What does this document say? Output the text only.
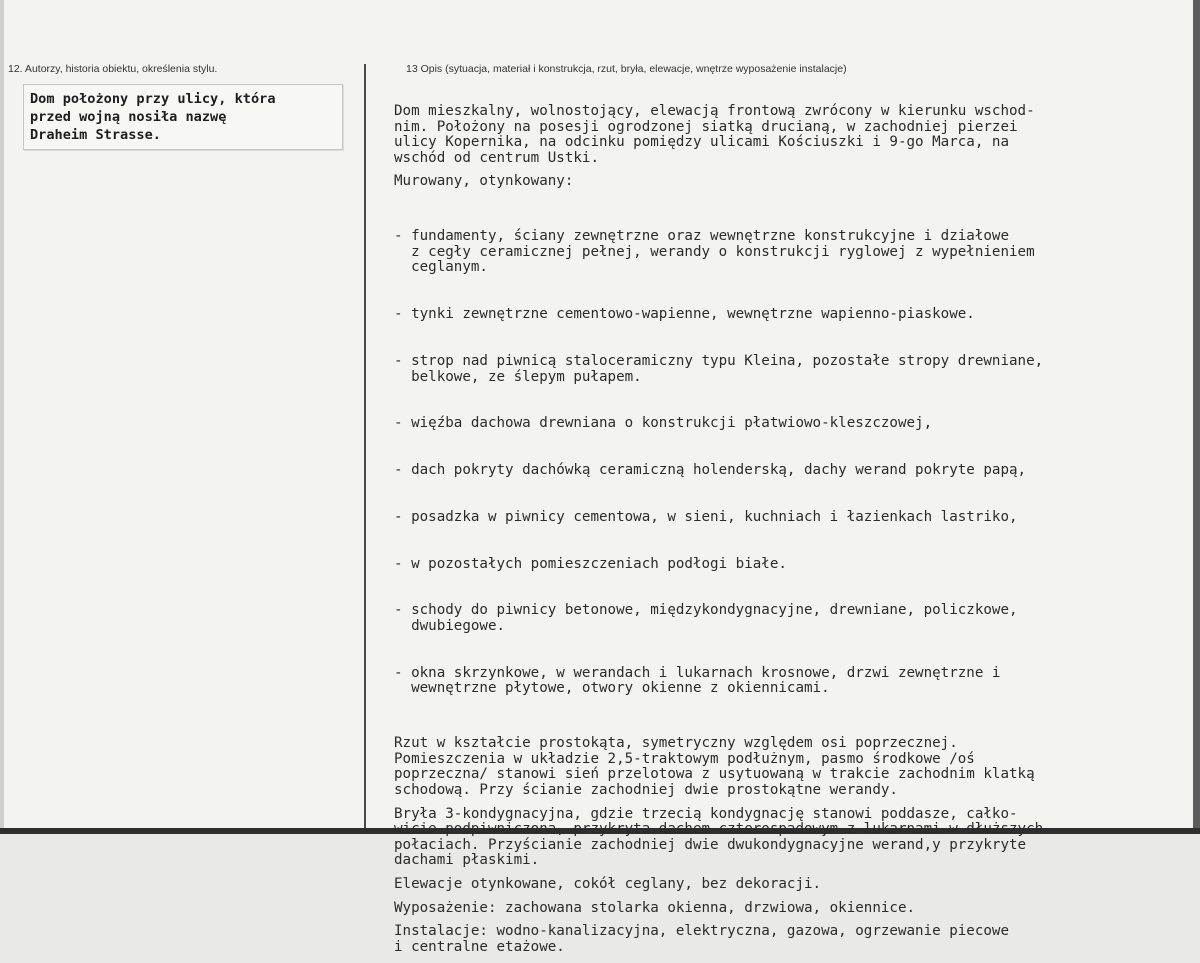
12. Autorzy, historia obiektu, określenia stylu.	13 Opis (sytuacja, materiał i konstrukcja, rzut, bryła, elewacje, wnętrze wyposażenie instalacje)

Dom położony przy ulicy, która
przed wojną nosiła nazwę
Draheim Strasse.

Dom mieszkalny, wolnostojący, elewacją frontową zwrócony w kierunku wschod-
nim. Położony na posesji ogrodzonej siatką drucianą, w zachodniej pierzei
ulicy Kopernika, na odcinku pomiędzy ulicami Kościuszki i 9-go Marca, na
wschód od centrum Ustki.

Murowany, otynkowany:

- fundamenty, ściany zewnętrzne oraz wewnętrzne konstrukcyjne i działowe
z cegły ceramicznej pełnej, werandy o konstrukcji ryglowej z wypełnieniem
ceglanym.

- tynki zewnętrzne cementowo-wapienne, wewnętrzne wapienno-piaskowe.

- strop nad piwnicą staloceramiczny typu Kleina, pozostałe stropy drewniane,
belkowe, ze ślepym pułapem.

- więźba dachowa drewniana o konstrukcji płatwiowo-kleszczowej,

- dach pokryty dachówką ceramiczną holenderską, dachy werand pokryte papą,

- posadzka w piwnicy cementowa, w sieni, kuchniach i łazienkach lastriko,

- w pozostałych pomieszczeniach podłogi białe.

- schody do piwnicy betonowe, międzykondygnacyjne, drewniane, policzkowe,
dwubiegowe.

- okna skrzynkowe, w werandach i lukarnach krosnowe, drzwi zewnętrzne i
wewnętrzne płytowe, otwory okienne z okiennicami.

Rzut w kształcie prostokąta, symetryczny względem osi poprzecznej.
Pomieszczenia w układzie 2,5-traktowym podłużnym, pasmo środkowe /oś
poprzeczna/ stanowi sień przelotowa z usytuowaną w trakcie zachodnim klatką
schodową. Przy ścianie zachodniej dwie prostokątne werandy.

Bryła 3-kondygnacyjna, gdzie trzecią kondygnację stanowi poddasze, całko-
wicie podpiwniczona, przykryta dachem czterospadowym z lukarnami w dłuższych
połaciach. Przyścianie zachodniej dwie dwukondygnacyjne werand,y przykryte
dachami płaskimi.

Elewacje otynkowane, cokół ceglany, bez dekoracji.

Wyposażenie: zachowana stolarka okienna, drzwiowa, okiennice.

Instalacje: wodno-kanalizacyjna, elektryczna, gazowa, ogrzewanie piecowe
i centralne etażowe.
